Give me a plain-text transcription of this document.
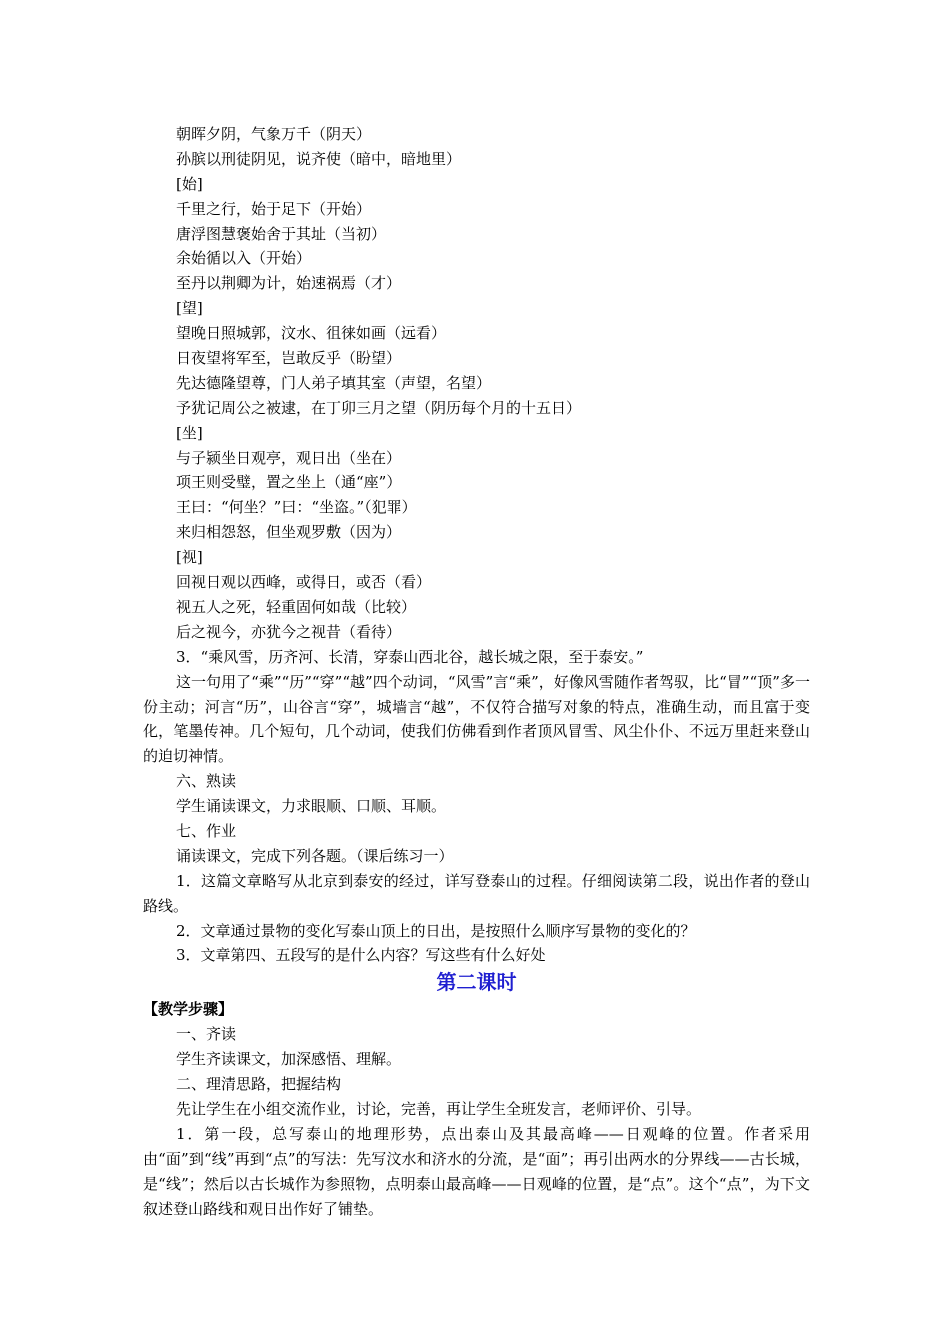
朝晖夕阴，气象万千（阴天）
孙膑以刑徒阴见，说齐使（暗中，暗地里）
[始]
千里之行，始于足下（开始）
唐浮图慧褒始舍于其址（当初）
余始循以入（开始）
至丹以荆卿为计，始速祸焉（才）
[望]
望晚日照城郭，汶水、徂徕如画（远看）
日夜望将军至，岂敢反乎（盼望）
先达德隆望尊，门人弟子填其室（声望，名望）
予犹记周公之被逮，在丁卯三月之望（阴历每个月的十五日）
[坐]
与子颍坐日观亭，观日出（坐在）
项王则受璧，置之坐上（通“座”）
王曰：“何坐？”曰：“坐盗。”（犯罪）
来归相怨怒，但坐观罗敷（因为）
[视]
回视日观以西峰，或得日，或否（看）
视五人之死，轻重固何如哉（比较）
后之视今，亦犹今之视昔（看待）
3．“乘风雪，历齐河、长清，穿泰山西北谷，越长城之限，至于泰安。”

这一句用了“乘”“历”“穿”“越”四个动词，“风雪”言“乘”，好像风雪随作者驾驭，比“冒”“顶”多一份主动；河言“历”，山谷言“穿”，城墙言“越”，不仅符合描写对象的特点，准确生动，而且富于变化，笔墨传神。几个短句，几个动词，使我们仿佛看到作者顶风冒雪、风尘仆仆、不远万里赶来登山的迫切神情。

六、熟读
学生诵读课文，力求眼顺、口顺、耳顺。
七、作业
诵读课文，完成下列各题。（课后练习一）

1．这篇文章略写从北京到泰安的经过，详写登泰山的过程。仔细阅读第二段，说出作者的登山路线。

2．文章通过景物的变化写泰山顶上的日出，是按照什么顺序写景物的变化的？
3．文章第四、五段写的是什么内容？写这些有什么好处
第二课时
【教学步骤】
一、齐读
学生齐读课文，加深感悟、理解。
二、理清思路，把握结构
先让学生在小组交流作业，讨论，完善，再让学生全班发言，老师评价、引导。

1．第一段，总写泰山的地理形势，点出泰山及其最高峰——日观峰的位置。作者采用由“面”到“线”再到“点”的写法：先写汶水和济水的分流，是“面”；再引出两水的分界线——古长城，是“线”；然后以古长城作为参照物，点明泰山最高峰——日观峰的位置，是“点”。这个“点”，为下文叙述登山路线和观日出作好了铺垫。
